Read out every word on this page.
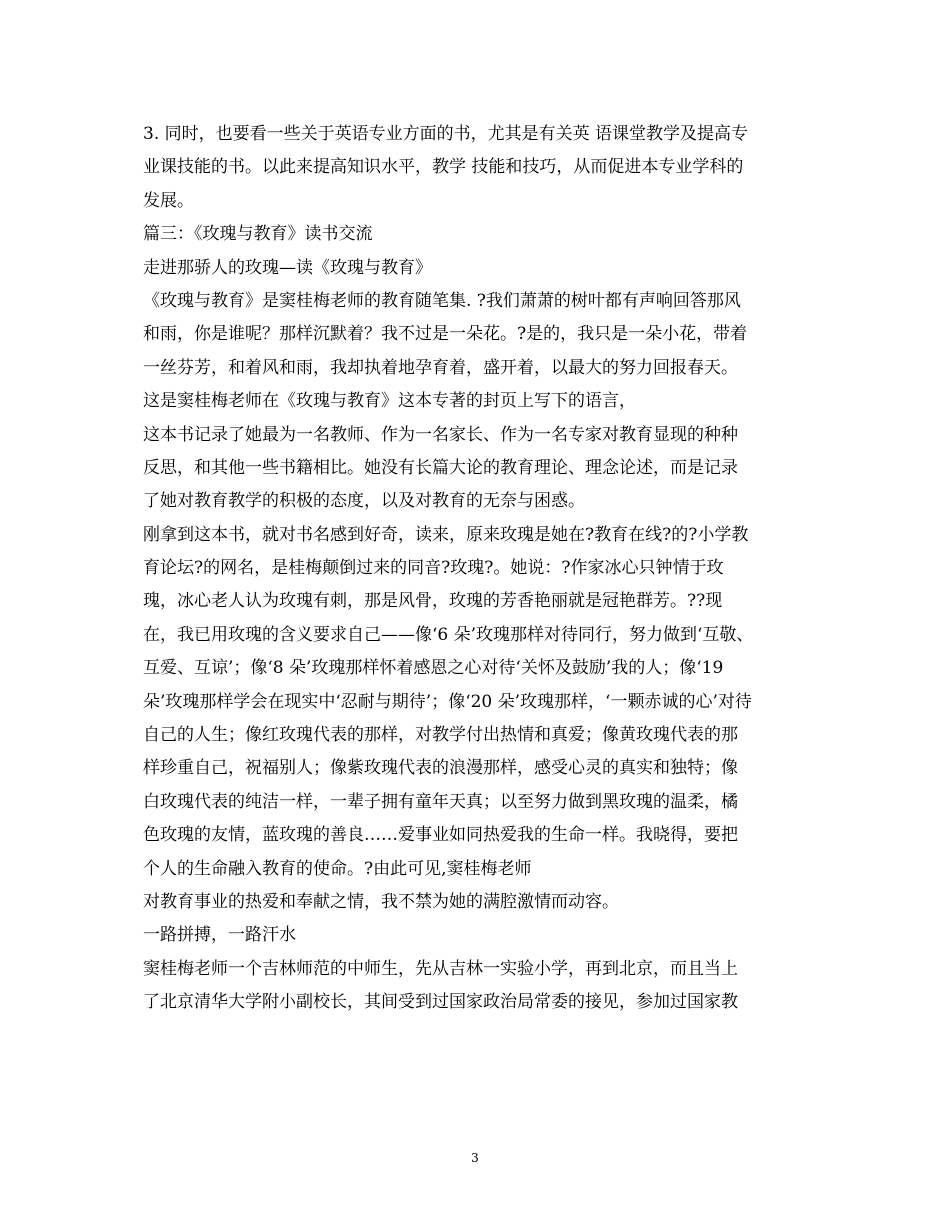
3. 同时，也要看一些关于英语专业方面的书，尤其是有关英 语课堂教学及提高专
业课技能的书。以此来提高知识水平，教学 技能和技巧，从而促进本专业学科的
发展。
篇三：《玫瑰与教育》读书交流
走进那骄人的玫瑰—读《玫瑰与教育》
《玫瑰与教育》是窦桂梅老师的教育随笔集. ?我们萧萧的树叶都有声响回答那风
和雨，你是谁呢？那样沉默着？我不过是一朵花。?是的，我只是一朵小花，带着
一丝芬芳，和着风和雨，我却执着地孕育着，盛开着，以最大的努力回报春天。
这是窦桂梅老师在《玫瑰与教育》这本专著的封页上写下的语言，
这本书记录了她最为一名教师、作为一名家长、作为一名专家对教育显现的种种
反思，和其他一些书籍相比。她没有长篇大论的教育理论、理念论述，而是记录
了她对教育教学的积极的态度，以及对教育的无奈与困惑。
刚拿到这本书，就对书名感到好奇，读来，原来玫瑰是她在?教育在线?的?小学教
育论坛?的网名，是桂梅颠倒过来的同音?玫瑰?。她说：?作家冰心只钟情于玫
瑰，冰心老人认为玫瑰有刺，那是风骨，玫瑰的芳香艳丽就是冠艳群芳。??现
在，我已用玫瑰的含义要求自己——像‘6 朵’玫瑰那样对待同行，努力做到‘互敬、
互爱、互谅’；像‘8 朵’玫瑰那样怀着感恩之心对待‘关怀及鼓励’我的人；像‘19
朵’玫瑰那样学会在现实中‘忍耐与期待’；像‘20 朵’玫瑰那样，‘一颗赤诚的心’对待
自己的人生；像红玫瑰代表的那样，对教学付出热情和真爱；像黄玫瑰代表的那
样珍重自己，祝福别人；像紫玫瑰代表的浪漫那样，感受心灵的真实和独特；像
白玫瑰代表的纯洁一样，一辈子拥有童年天真；以至努力做到黑玫瑰的温柔，橘
色玫瑰的友情，蓝玫瑰的善良……爱事业如同热爱我的生命一样。我晓得，要把
个人的生命融入教育的使命。?由此可见,窦桂梅老师
对教育事业的热爱和奉献之情，我不禁为她的满腔激情而动容。
一路拼搏，一路汗水
窦桂梅老师一个吉林师范的中师生，先从吉林一实验小学，再到北京，而且当上
了北京清华大学附小副校长，其间受到过国家政治局常委的接见，参加过国家教
3
